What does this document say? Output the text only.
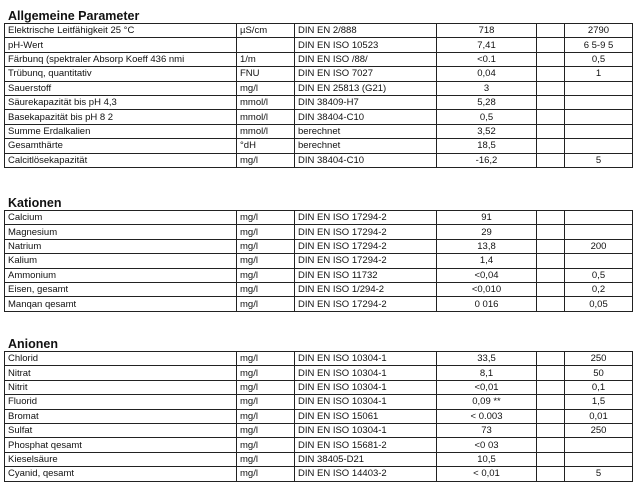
Allgemeine Parameter
Elektrische Leitfähigkeit 25 °C	µS/cm	DIN EN 2/888	718		2790
pH-Wert		DIN EN ISO 10523	7,41		6 5-9 5
Färbunq (spektraler Absorp Koeff 436 nmi	1/m	DIN EN ISO /88/	<0.1		0,5
Trübunq, quantitativ	FNU	DIN EN ISO 7027	0,04		1
Sauerstoff	mg/l	DIN EN 25813 (G21)	3		
Säurekapazität bis pH 4,3	mmol/l	DIN 38409-H7	5,28		
Basekapazität bis pH 8 2	mmol/l	DIN 38404-C10	0,5		
Summe Erdalkalien	mmol/l	berechnet	3,52		
Gesamthärte	°dH	berechnet	18,5		
Calcitlösekapazität	mg/l	DIN 38404-C10	-16,2		5
Kationen
Calcium	mg/l	DIN EN ISO 17294-2	91		
Magnesium	mg/l	DIN EN ISO 17294-2	29		
Natrium	mg/l	DIN EN ISO 17294-2	13,8		200
Kalium	mg/l	DIN EN ISO 17294-2	1,4		
Ammonium	mg/l	DIN EN ISO 11732	<0,04		0,5
Eisen, gesamt	mg/l	DIN EN ISO 1/294-2	<0,010		0,2
Manqan qesamt	mg/l	DIN EN ISO 17294-2	0 016		0,05
Anionen
Chlorid	mg/l	DIN EN ISO 10304-1	33,5		250
Nitrat	mg/l	DIN EN ISO 10304-1	8,1		50
Nitrit	mg/l	DIN EN ISO 10304-1	<0,01		0,1
Fluorid	mg/l	DIN EN ISO 10304-1	0,09 **		1,5
Bromat	mg/l	DIN EN ISO 15061	< 0.003		0,01
Sulfat	mg/l	DIN EN ISO 10304-1	73		250
Phosphat qesamt	mg/l	DIN EN ISO 15681-2	<0 03		
Kieselsäure	mg/l	DIN 38405-D21	10,5		
Cyanid, qesamt	mg/l	DIN EN ISO 14403-2	< 0,01		5
